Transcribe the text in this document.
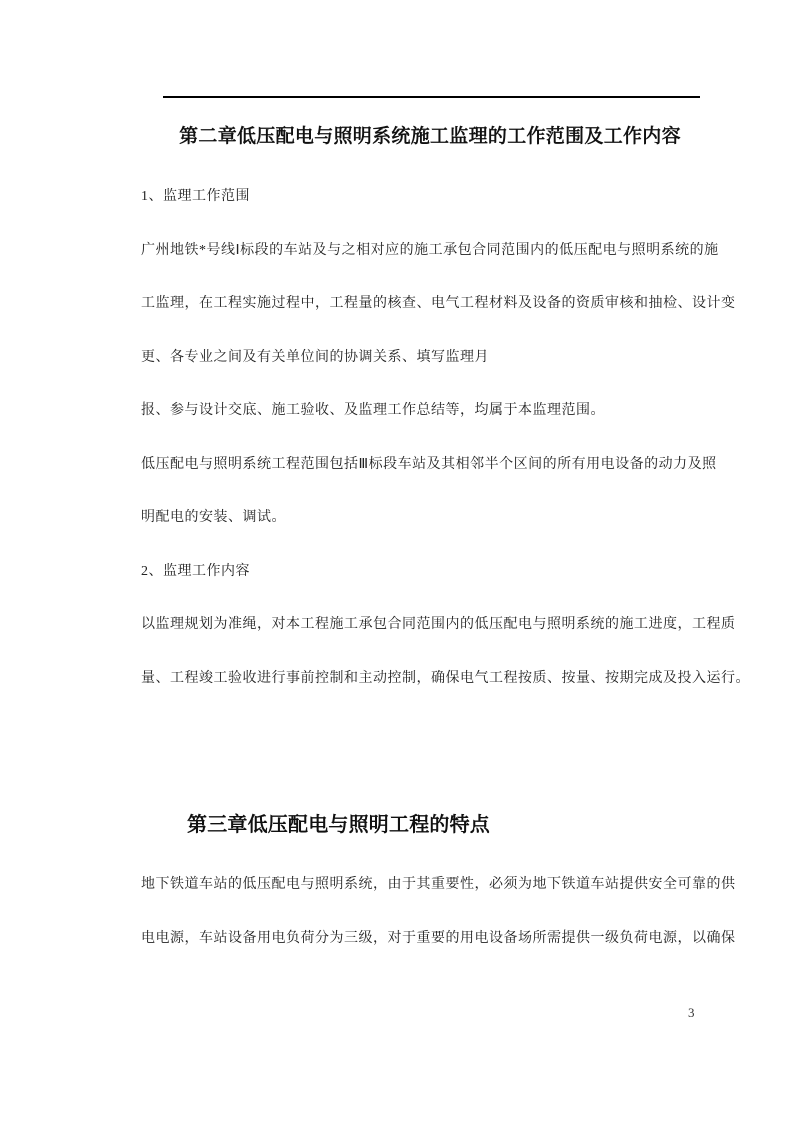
第二章低压配电与照明系统施工监理的工作范围及工作内容
1、监理工作范围
广州地铁*号线Ⅰ标段的车站及与之相对应的施工承包合同范围内的低压配电与照明系统的施
工监理，在工程实施过程中，工程量的核查、电气工程材料及设备的资质审核和抽检、设计变
更、各专业之间及有关单位间的协调关系、填写监理月
报、参与设计交底、施工验收、及监理工作总结等，均属于本监理范围。
低压配电与照明系统工程范围包括Ⅲ标段车站及其相邻半个区间的所有用电设备的动力及照
明配电的安装、调试。
2、监理工作内容
以监理规划为准绳，对本工程施工承包合同范围内的低压配电与照明系统的施工进度，工程质
量、工程竣工验收进行事前控制和主动控制，确保电气工程按质、按量、按期完成及投入运行。
第三章低压配电与照明工程的特点
地下铁道车站的低压配电与照明系统，由于其重要性，必须为地下铁道车站提供安全可靠的供
电电源，车站设备用电负荷分为三级，对于重要的用电设备场所需提供一级负荷电源，以确保
3
